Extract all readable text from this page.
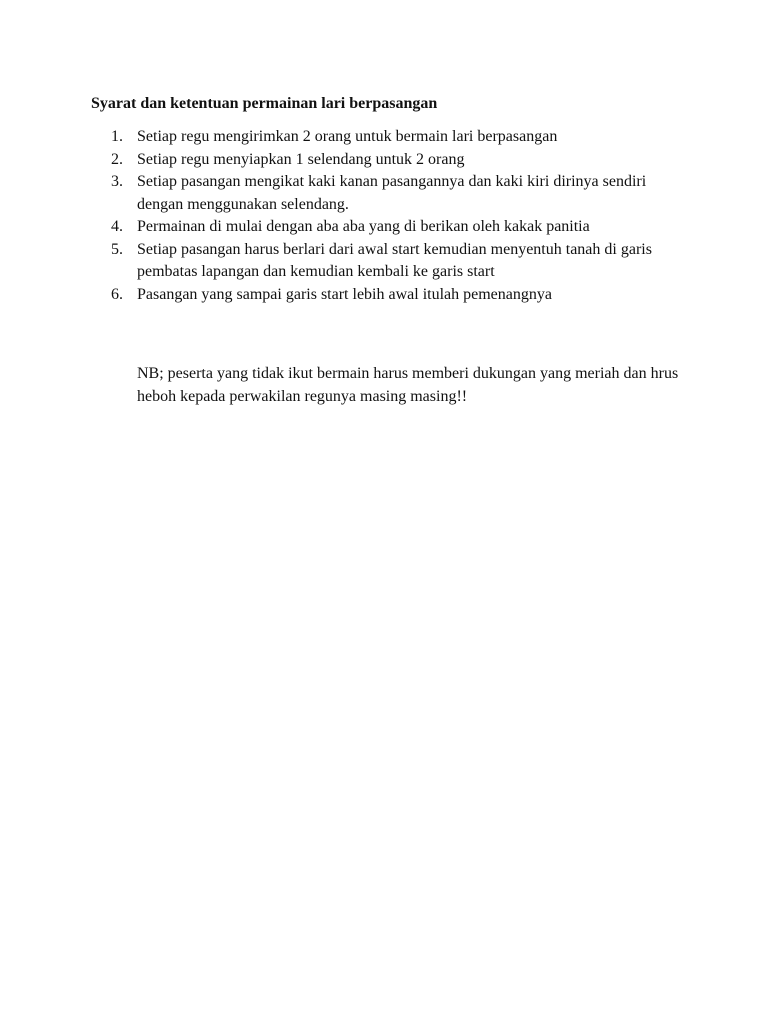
Syarat dan ketentuan permainan lari berpasangan
1. Setiap regu mengirimkan 2 orang untuk bermain lari berpasangan
2. Setiap regu menyiapkan 1 selendang untuk 2 orang
3. Setiap pasangan mengikat kaki kanan pasangannya dan kaki kiri dirinya sendiri dengan menggunakan selendang.
4. Permainan di mulai dengan aba aba yang di berikan oleh kakak panitia
5. Setiap pasangan harus berlari dari awal start kemudian menyentuh tanah di garis pembatas lapangan dan kemudian kembali ke garis start
6. Pasangan yang sampai garis start lebih awal itulah pemenangnya

NB; peserta yang tidak ikut bermain harus memberi dukungan yang meriah dan hrus heboh kepada perwakilan regunya masing masing!!
